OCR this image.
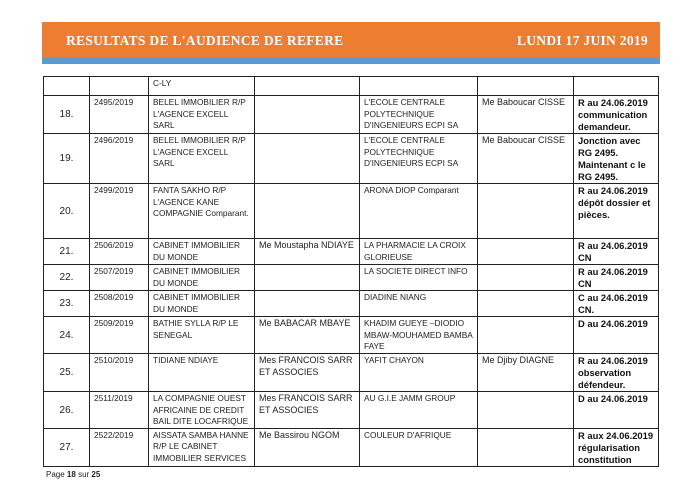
RESULTATS DE L'AUDIENCE DE REFERE	LUNDI 17 JUIN 2019
		C-LY				
18.	2495/2019	BELEL IMMOBILIER R/P L'AGENCE EXCELL SARL		L'ECOLE CENTRALE POLYTECHNIQUE D'INGENIEURS ECPI SA	Me Baboucar CISSE	R au 24.06.2019 communication demandeur.
19.	2496/2019	BELEL IMMOBILIER R/P L'AGENCE EXCELL SARL		L'ECOLE CENTRALE POLYTECHNIQUE D'INGENIEURS ECPI SA	Me Baboucar CISSE	Jonction avec RG 2495. Maintenant c le RG 2495.
20.	2499/2019	FANTA SAKHO R/P L'AGENCE KANE COMPAGNIE Comparant.		ARONA DIOP Comparant		R au 24.06.2019 dépôt dossier et pièces.
21.	2506/2019	CABINET IMMOBILIER DU MONDE	Me Moustapha NDIAYE	LA PHARMACIE LA CROIX GLORIEUSE		R au 24.06.2019 CN
22.	2507/2019	CABINET IMMOBILIER DU MONDE		LA SOCIETE DIRECT INFO		R au 24.06.2019 CN
23.	2508/2019	CABINET IMMOBILIER DU MONDE		DIADINE NIANG		C au 24.06.2019 CN.
24.	2509/2019	BATHIE SYLLA R/P LE SENEGAL	Me BABACAR MBAYE	KHADIM GUEYE –DIODIO MBAW-MOUHAMED BAMBA FAYE		D au 24.06.2019
25.	2510/2019	TIDIANE NDIAYE	Mes FRANCOIS SARR ET ASSOCIES	YAFIT CHAYON	Me Djiby DIAGNE	R au 24.06.2019 observation défendeur.
26.	2511/2019	LA COMPAGNIE OUEST AFRICAINE DE CREDIT BAIL DITE LOCAFRIQUE	Mes FRANCOIS SARR ET ASSOCIES	AU G.I.E JAMM GROUP		D au 24.06.2019
27.	2522/2019	AISSATA SAMBA HANNE R/P LE CABINET IMMOBILIER SERVICES	Me Bassirou NGOM	COULEUR D'AFRIQUE		R aux 24.06.2019 régularisation constitution
Page 18 sur 25
